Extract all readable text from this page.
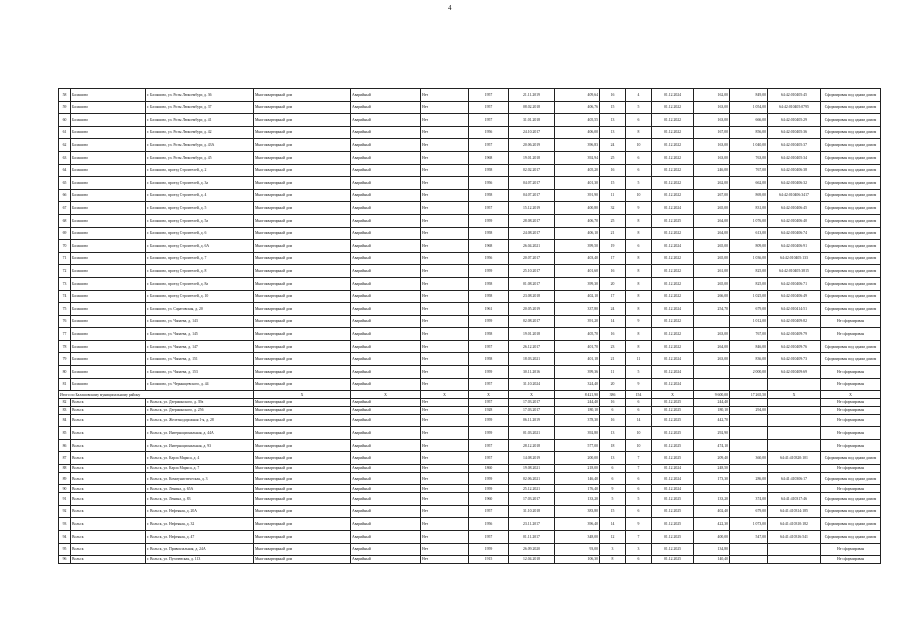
4
58	Балашово	г. Балашово, ул. Розы Люксембург, д. 36	Многоквартирный дом	Аварийный	Нет	1957	21.11.2019	409,64	16	4	01.12.2024	162,00	849,00	64:42:010405:45	Сформирован под одним домом
59	Балашово	г. Балашово, ул. Розы Люксембург, д. 37	Многоквартирный дом	Аварийный	Нет	1957	08.02.2018	406,76	15	5	01.12.2022	163,00	1 054,00	64:42:010405:0795	Сформирован под одним домом
60	Балашово	г. Балашово, ул. Розы Люксембург, д. 41	Многоквартирный дом	Аварийный	Нет	1957	31.01.2018	405,55	13	6	01.12.2022	163,00	666,00	64:42:010405:29	Сформирован под одним домом
61	Балашово	г. Балашово, ул. Розы Люксембург, д. 42	Многоквартирный дом	Аварийный	Нет	1956	24.10.2017	406,00	13	8	01.12.2022	167,00	856,00	64:42:010405:36	Сформирован под одним домом
62	Балашово	г. Балашово, ул. Розы Люксембург, д. 43А	Многоквартирный дом	Аварийный	Нет	1957	20.06.2019	396,83	24	10	01.12.2022	163,00	1 040,00	64:42:010405:37	Сформирован под одним домом
63	Балашово	г. Балашово, ул. Розы Люксембург, д. 45	Многоквартирный дом	Аварийный	Нет	1968	19.01.2018	392,94	25	6	01.12.2022	163,00	763,00	64:42:010405:34	Сформирован под одним домом
64	Балашово	г. Балашово, проезд Строителей, д. 2	Многоквартирный дом	Аварийный	Нет	1958	02.02.2017	405,20	16	6	01.12.2022	246,00	767,00	64:42:010406:38	Сформирован под одним домом
65	Балашово	г. Балашово, проезд Строителей, д. 3а	Многоквартирный дом	Аварийный	Нет	1956	04.07.2017	401,30	15	5	01.12.2022	262,00	662,00	64:42:010406:32	Сформирован под одним домом
66	Балашово	г. Балашово, проезд Строителей, д. 4	Многоквартирный дом	Аварийный	Нет	1958	04.07.2017	391,90	11	10	01.12.2022	267,00	869,00	64:42:010406:3417	Сформирован под одним домом
67	Балашово	г. Балашово, проезд Строителей, д. 5	Многоквартирный дом	Аварийный	Нет	1957	15.12.2019	400,80	32	9	01.12.2024	265,00	831,00	64:42:010406:45	Сформирован под одним домом
68	Балашово	г. Балашово, проезд Строителей, д. 5а	Многоквартирный дом	Аварийный	Нет	1959	28.08.2017	406,70	25	8	01.12.2025	264,00	1 076,00	64:42:010406:40	Сформирован под одним домом
69	Балашово	г. Балашово, проезд Строителей, д. 6	Многоквартирный дом	Аварийный	Нет	1958	24.08.2017	406,10	21	8	01.12.2022	264,00	613,00	64:42:010406:74	Сформирован под одним домом
70	Балашово	г. Балашово, проезд Строителей, д. 6А	Многоквартирный дом	Аварийный	Нет	1968	26.04.2021	399,50	19	6	01.12.2024	265,00	809,00	64:42:010406:91	Сформирован под одним домом
71	Балашово	г. Балашово, проезд Строителей, д. 7	Многоквартирный дом	Аварийный	Нет	1956	20.07.2017	403,40	17	8	01.12.2022	265,00	1 036,00	64:42:010405:133	Сформирован под одним домом
72	Балашово	г. Балашово, проезд Строителей, д. 8	Многоквартирный дом	Аварийный	Нет	1959	25.10.2017	401,60	16	8	01.12.2022	261,00	825,00	64:42:010405:3815	Сформирован под одним домом
73	Балашово	г. Балашово, проезд Строителей, д. 8а	Многоквартирный дом	Аварийный	Нет	1958	01.08.2017	399,30	20	8	01.12.2022	265,00	825,00	64:42:010406:71	Сформирован под одним домом
74	Балашово	г. Балашово, проезд Строителей, д. 10	Многоквартирный дом	Аварийный	Нет	1958	23.08.2018	402,10	17	8	01.12.2022	266,00	1 025,00	64:42:010406:49	Сформирован под одним домом
75	Балашово	г. Балашово, ул. Саратовская, д. 20	Многоквартирный дом	Аварийный	Нет	1961	20.05.2019	337,80	24	8	01.12.2024	254,70	679,00	64:42:010414:51	Сформирован под одним домом
76	Балашово	г. Балашово, ул. Чапаева, д. 143	Многоквартирный дом	Аварийный	Нет	1959	02.08.2017	391,20	14	9	01.12.2022		1 012,00	64:42:010409:82	Не сформирован
77	Балашово	г. Балашово, ул. Чапаева, д. 145	Многоквартирный дом	Аварийный	Нет	1958	19.01.2018	405,70	16	8	01.12.2022	263,00	767,00	64:42:010409:79	Не сформирован
78	Балашово	г. Балашово, ул. Чапаева, д. 147	Многоквартирный дом	Аварийный	Нет	1957	26.12.2017	401,70	23	8	01.12.2022	264,00	846,00	64:42:010409:76	Сформирован под одним домом
79	Балашово	г. Балашово, ул. Чапаева, д. 151	Многоквартирный дом	Аварийный	Нет	1958	18.03.2021	401,18	21	11	01.12.2024	263,00	836,00	64:42:010409:73	Сформирован под одним домом
80	Балашово	г. Балашово, ул. Чапаева, д. 153	Многоквартирный дом	Аварийный	Нет	1959	30.11.2016	399,36	11	5	01.12.2024		2 000,00	64:42:010409:69	Не сформирован
81	Балашово	г. Балашово, ул. Черныщевского, д. 44	Многоквартирный дом	Аварийный	Нет	1957	31.10.2024	324,40	20	9	01.12.2024				Не сформирован
Итого по Балашовскому муниципальному району			X	X	X	X	X	8 421,90	386	154	X	9 600,00	17 265,50	X	X
82	Вольск	г. Вольск, ул. Дзержинского, д. 39а	Многоквартирный дом	Аварийный	Нет	1957	17.03.2017	244,40	16	6	01.12.2025	244,40			Не сформирован
83	Вольск	г. Вольск, ул. Дзержинского, д. 256	Многоквартирный дом	Аварийный	Нет	1928	17.03.2017	180,10	6	6	01.12.2025	180,10	294,00		Не сформирован
84	Вольск	г. Вольск, ул. Железнодорожная 1-я, д. 28	Многоквартирный дом	Аварийный	Нет	1959	06.11.2019	378,30	16	14	01.12.2025	442,70			Не сформирован
85	Вольск	г. Вольск, ул. Интернациональная, д. 44А	Многоквартирный дом	Аварийный	Нет	1959	01.03.2021	392,80	13	10	01.12.2025	292,90			Не сформирован
86	Вольск	г. Вольск, ул. Интернациональная, д. 93	Многоквартирный дом	Аварийный	Нет	1957	28.12.2018	577,00	18	10	01.12.2025	474,10			Не сформирован
87	Вольск	г. Вольск, ул. Карла Маркса, д. 4	Многоквартирный дом	Аварийный	Нет	1957	14.08.2019	200,00	13	7	01.12.2025	209,40	360,00	64:41:410320:101	Сформирован под одним домом
88	Вольск	г. Вольск, ул. Карла Маркса, д. 7	Многоквартирный дом	Аварийный	Нет	1860	19.08.2021	218,00	6	7	01.12.2024	248,50			Не сформирован
89	Вольск	г. Вольск, ул. Коммунистическая, д. 3	Многоквартирный дом	Аварийный	Нет	1959	02.06.2021	146,40	6	6	01.12.2024	173,30	286,00	64:41:410306:17	Сформирован под одним домом
90	Вольск	г. Вольск, ул. Ленина, д. 65А	Многоквартирный дом	Аварийный	Нет	1959	25.12.2021	176,40	9	6	01.12.2024				Не сформирован
91	Вольск	г. Вольск, ул. Ленина, д. 83	Многоквартирный дом	Аварийный	Нет	1960	17.03.2017	133,20	5	5	01.12.2025	133,20	374,00	64:41:410317:46	Сформирован под одним домом
92	Вольск	г. Вольск, ул. Нефтяная, д. 20А	Многоквартирный дом	Аварийный	Нет	1957	31.10.2018	383,80	15	6	01.12.2025	402,40	679,00	64:41:410314:185	Сформирован под одним домом
93	Вольск	г. Вольск, ул. Нефтяная, д. 32	Многоквартирный дом	Аварийный	Нет	1956	23.11.2017	396,40	14	9	01.12.2025	422,30	1 073,00	64:41:410310:182	Сформирован под одним домом
94	Вольск	г. Вольск, ул. Нефтяная, д. 47	Многоквартирный дом	Аварийный	Нет	1957	01.11.2017	348,00	12	7	01.12.2025	400,00	547,00	64:41:410316:541	Сформирован под одним домом
95	Вольск	г. Вольск, ул. Привокзальная, д. 24А	Многоквартирный дом	Аварийный	Нет	1959	26.09.2020	93,00	3	3	01.12.2025	134,80			Не сформирован
96	Вольск	г. Вольск, ул. Пугачевская, д. 113	Многоквартирный дом	Аварийный	Нет	1915	12.04.2018	106,30	8	6	01.12.2025	140,40			Не сформирован
